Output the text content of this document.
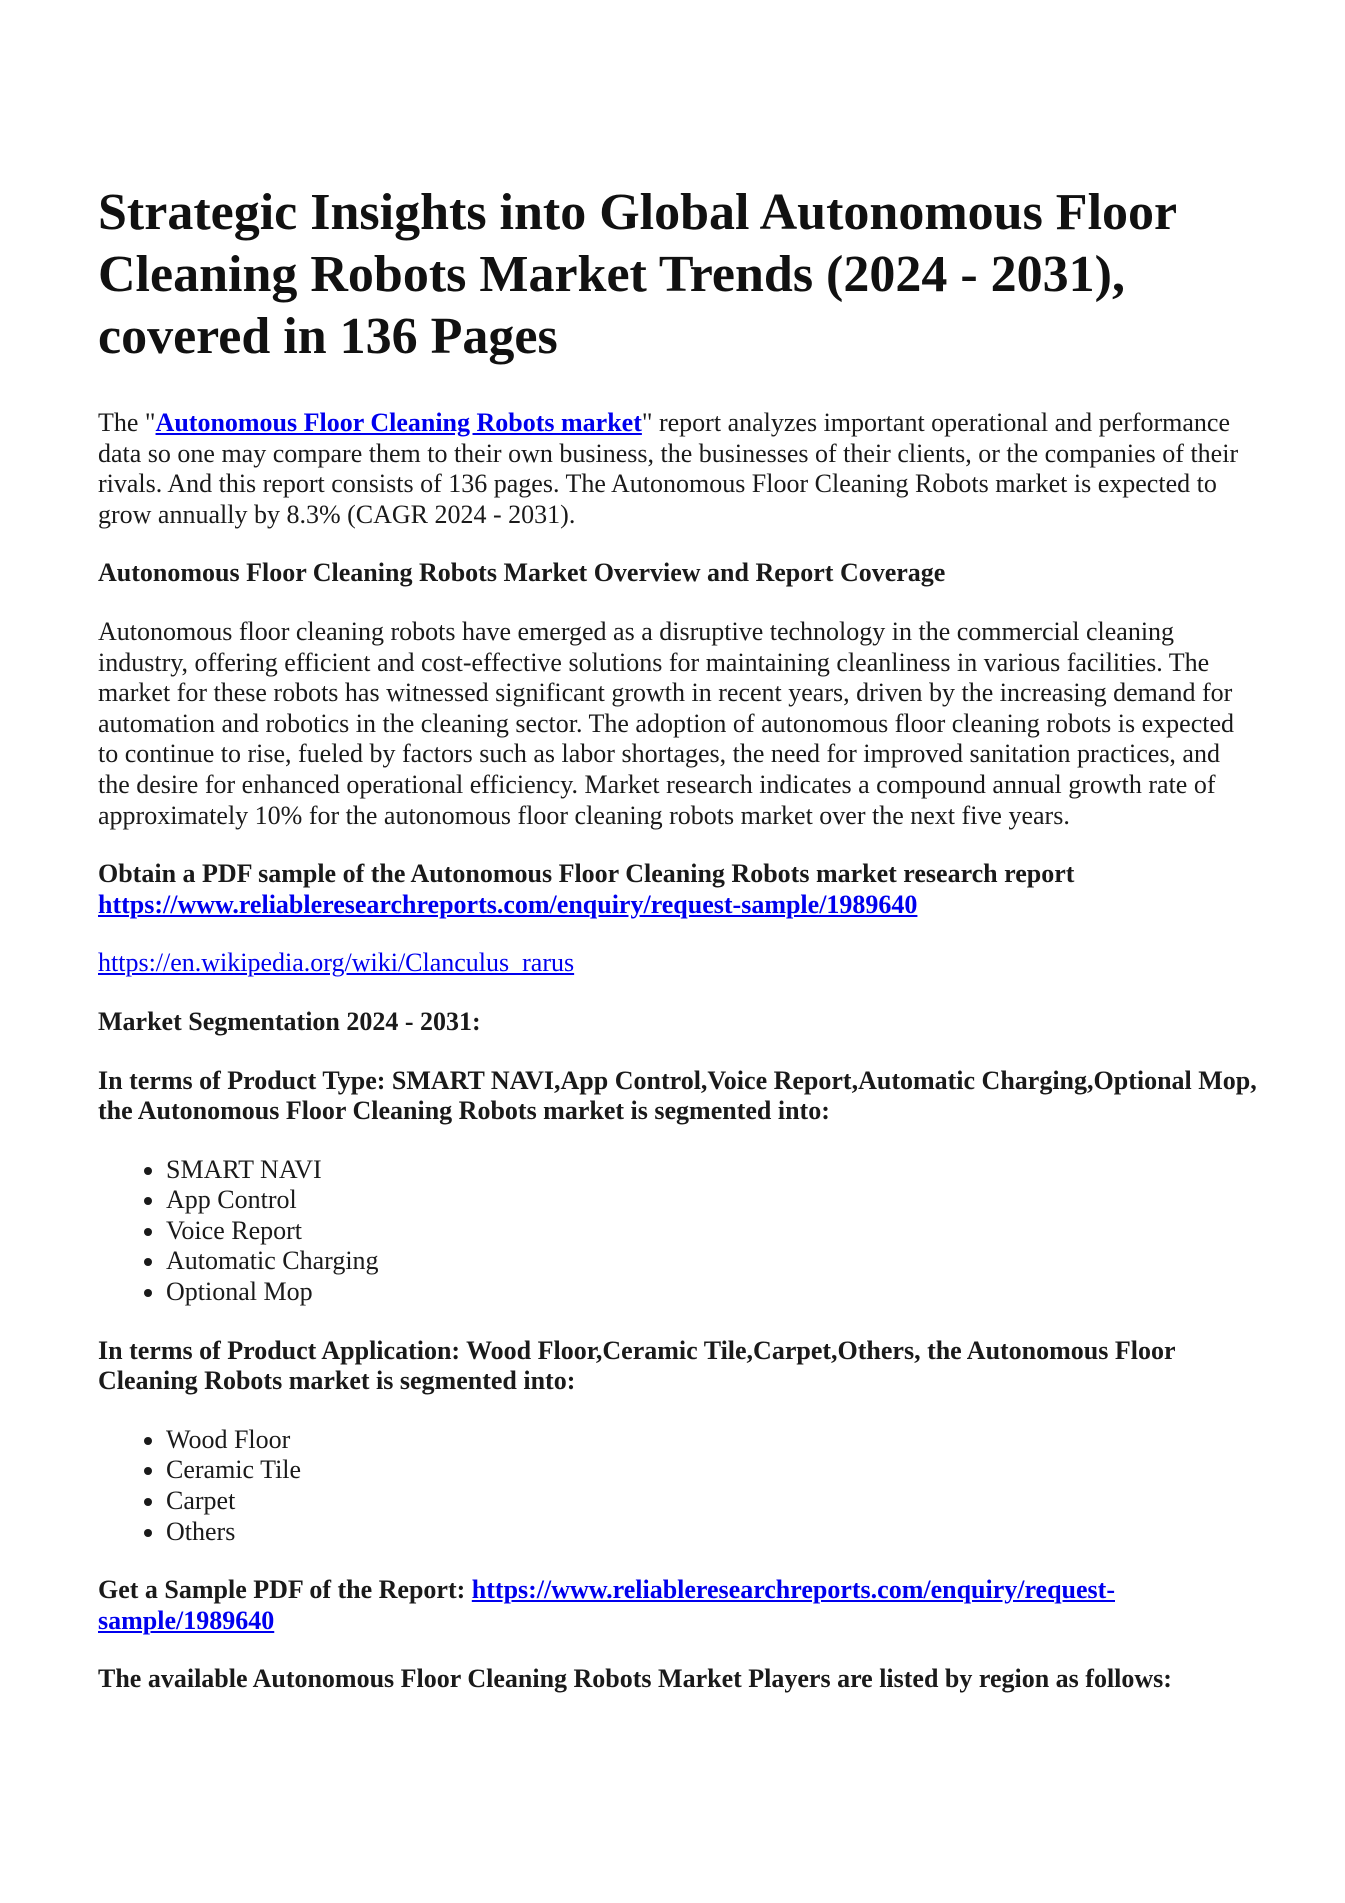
Strategic Insights into Global Autonomous Floor Cleaning Robots Market Trends (2024 - 2031), covered in 136 Pages

The "Autonomous Floor Cleaning Robots market" report analyzes important operational and performance data so one may compare them to their own business, the businesses of their clients, or the companies of their rivals. And this report consists of 136 pages. The Autonomous Floor Cleaning Robots market is expected to grow annually by 8.3% (CAGR 2024 - 2031).

Autonomous Floor Cleaning Robots Market Overview and Report Coverage

Autonomous floor cleaning robots have emerged as a disruptive technology in the commercial cleaning industry, offering efficient and cost-effective solutions for maintaining cleanliness in various facilities. The market for these robots has witnessed significant growth in recent years, driven by the increasing demand for automation and robotics in the cleaning sector. The adoption of autonomous floor cleaning robots is expected to continue to rise, fueled by factors such as labor shortages, the need for improved sanitation practices, and the desire for enhanced operational efficiency. Market research indicates a compound annual growth rate of approximately 10% for the autonomous floor cleaning robots market over the next five years.

Obtain a PDF sample of the Autonomous Floor Cleaning Robots market research report https://www.reliableresearchreports.com/enquiry/request-sample/1989640

https://en.wikipedia.org/wiki/Clanculus_rarus

Market Segmentation 2024 - 2031:

In terms of Product Type: SMART NAVI,App Control,Voice Report,Automatic Charging,Optional Mop, the Autonomous Floor Cleaning Robots market is segmented into:

• SMART NAVI
• App Control
• Voice Report
• Automatic Charging
• Optional Mop

In terms of Product Application: Wood Floor,Ceramic Tile,Carpet,Others, the Autonomous Floor Cleaning Robots market is segmented into:

• Wood Floor
• Ceramic Tile
• Carpet
• Others

Get a Sample PDF of the Report: https://www.reliableresearchreports.com/enquiry/request-sample/1989640

The available Autonomous Floor Cleaning Robots Market Players are listed by region as follows:
